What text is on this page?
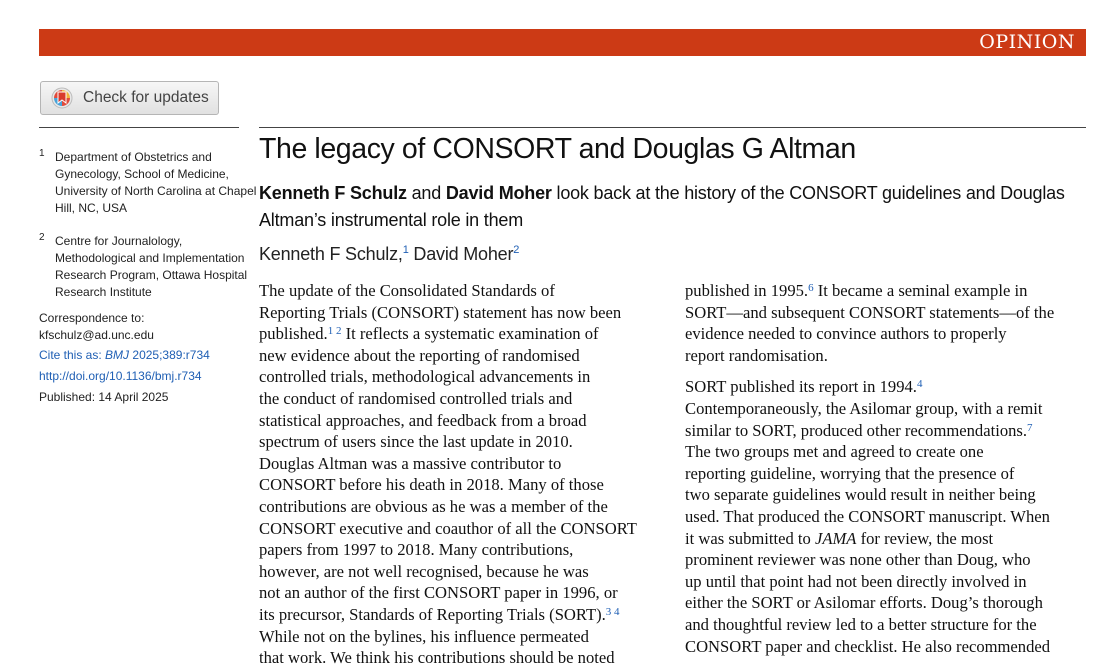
OPINION
Check for updates
1 Department of Obstetrics and
Gynecology, School of Medicine,
University of North Carolina at Chapel
Hill, NC, USA
2 Centre for Journalology,
Methodological and Implementation
Research Program, Ottawa Hospital
Research Institute
Correspondence to:
kfschulz@ad.unc.edu
Cite this as: BMJ 2025;389:r734
http://doi.org/10.1136/bmj.r734
Published: 14 April 2025
The legacy of CONSORT and Douglas G Altman
Kenneth F Schulz and David Moher look back at the history of the CONSORT guidelines and Douglas
Altman’s instrumental role in them
Kenneth F Schulz,$^1$ David Moher$^2$
The update of the Consolidated Standards of
Reporting Trials (CONSORT) statement has now been
published.$^{1 2}$ It reflects a systematic examination of
new evidence about the reporting of randomised
controlled trials, methodological advancements in
the conduct of randomised controlled trials and
statistical approaches, and feedback from a broad
spectrum of users since the last update in 2010.
Douglas Altman was a massive contributor to
CONSORT before his death in 2018. Many of those
contributions are obvious as he was a member of the
CONSORT executive and coauthor of all the CONSORT
papers from 1997 to 2018. Many contributions,
however, are not well recognised, because he was
not an author of the first CONSORT paper in 1996, or
its precursor, Standards of Reporting Trials (SORT).$^{3 4}$
While not on the bylines, his influence permeated
that work. We think his contributions should be noted
published in 1995.$^6$ It became a seminal example in
SORT—and subsequent CONSORT statements—of the
evidence needed to convince authors to properly
report randomisation.
SORT published its report in 1994.$^4$
Contemporaneously, the Asilomar group, with a remit
similar to SORT, produced other recommendations.$^7$
The two groups met and agreed to create one
reporting guideline, worrying that the presence of
two separate guidelines would result in neither being
used. That produced the CONSORT manuscript. When
it was submitted to JAMA for review, the most
prominent reviewer was none other than Doug, who
up until that point had not been directly involved in
either the SORT or Asilomar efforts. Doug’s thorough
and thoughtful review led to a better structure for the
CONSORT paper and checklist. He also recommended
